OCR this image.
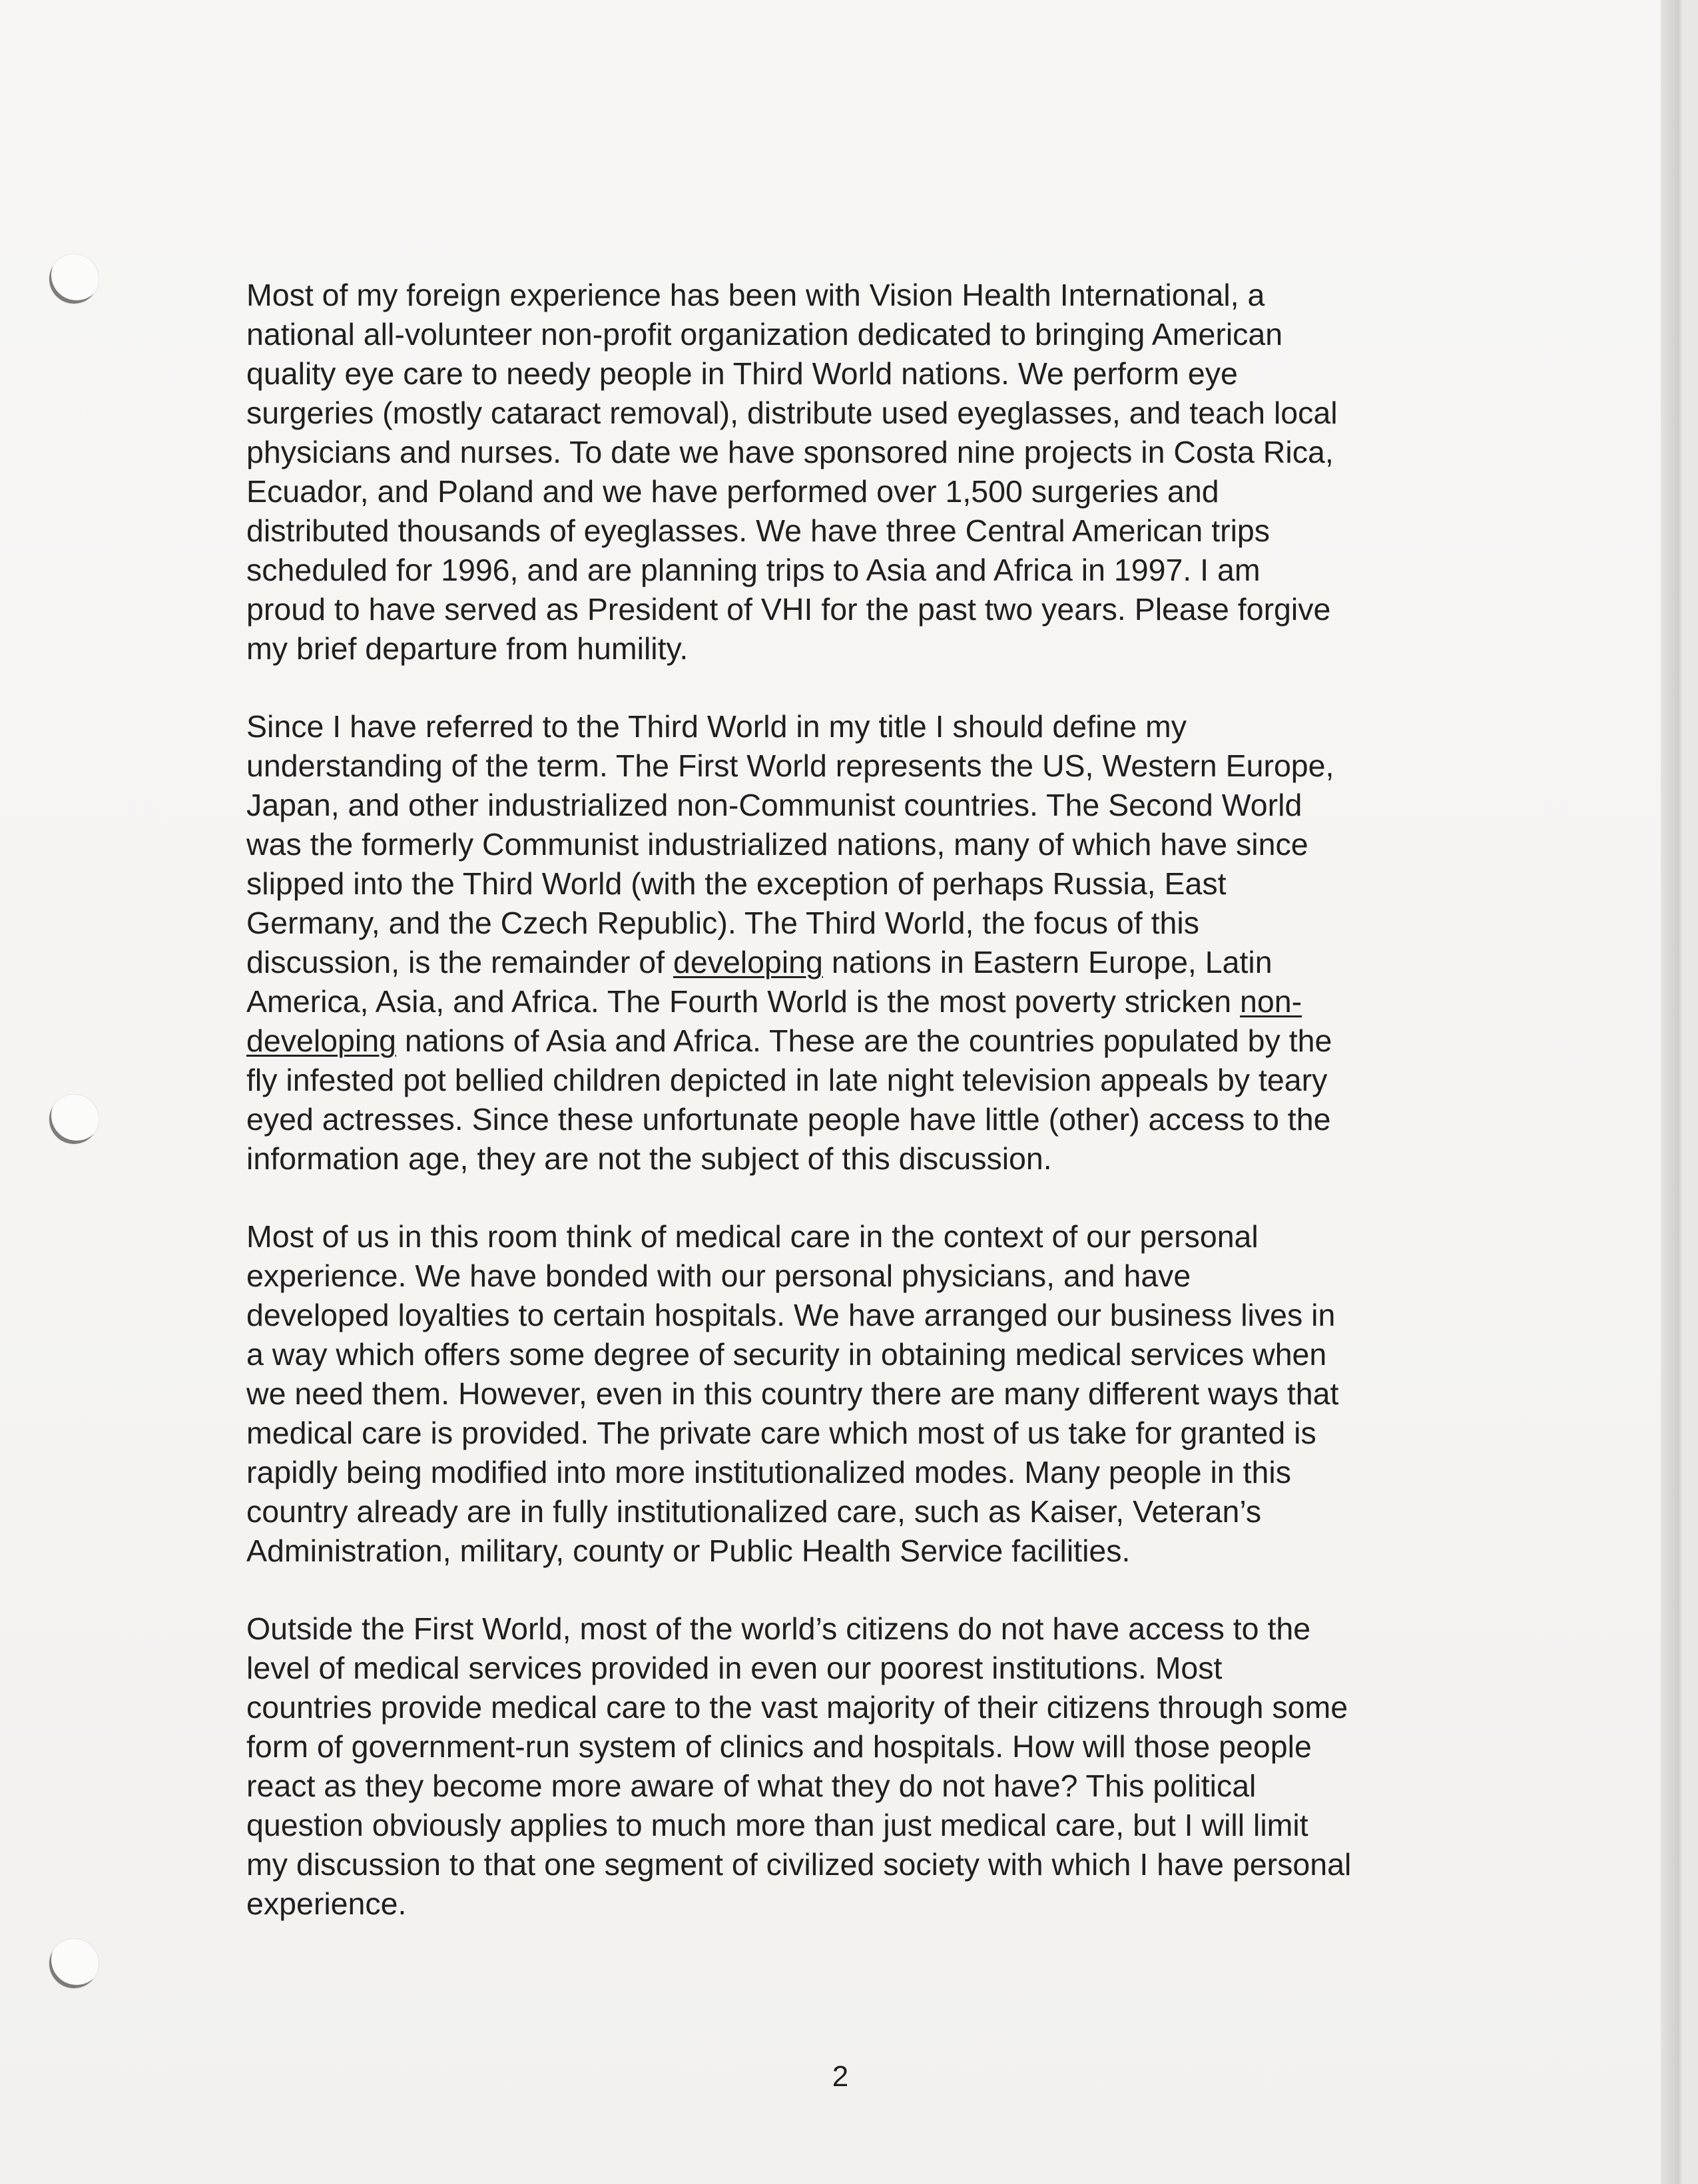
Most of my foreign experience has been with Vision Health International, a
national all-volunteer non-profit organization dedicated to bringing American
quality eye care to needy people in Third World nations. We perform eye
surgeries (mostly cataract removal), distribute used eyeglasses, and teach local
physicians and nurses. To date we have sponsored nine projects in Costa Rica,
Ecuador, and Poland and we have performed over 1,500 surgeries and
distributed thousands of eyeglasses. We have three Central American trips
scheduled for 1996, and are planning trips to Asia and Africa in 1997. I am
proud to have served as President of VHI for the past two years. Please forgive
my brief departure from humility.

Since I have referred to the Third World in my title I should define my
understanding of the term. The First World represents the US, Western Europe,
Japan, and other industrialized non-Communist countries. The Second World
was the formerly Communist industrialized nations, many of which have since
slipped into the Third World (with the exception of perhaps Russia, East
Germany, and the Czech Republic). The Third World, the focus of this
discussion, is the remainder of developing nations in Eastern Europe, Latin
America, Asia, and Africa. The Fourth World is the most poverty stricken non-
developing nations of Asia and Africa. These are the countries populated by the
fly infested pot bellied children depicted in late night television appeals by teary
eyed actresses. Since these unfortunate people have little (other) access to the
information age, they are not the subject of this discussion.

Most of us in this room think of medical care in the context of our personal
experience. We have bonded with our personal physicians, and have
developed loyalties to certain hospitals. We have arranged our business lives in
a way which offers some degree of security in obtaining medical services when
we need them. However, even in this country there are many different ways that
medical care is provided. The private care which most of us take for granted is
rapidly being modified into more institutionalized modes. Many people in this
country already are in fully institutionalized care, such as Kaiser, Veteran’s
Administration, military, county or Public Health Service facilities.

Outside the First World, most of the world’s citizens do not have access to the
level of medical services provided in even our poorest institutions. Most
countries provide medical care to the vast majority of their citizens through some
form of government-run system of clinics and hospitals. How will those people
react as they become more aware of what they do not have? This political
question obviously applies to much more than just medical care, but I will limit
my discussion to that one segment of civilized society with which I have personal
experience.

2
